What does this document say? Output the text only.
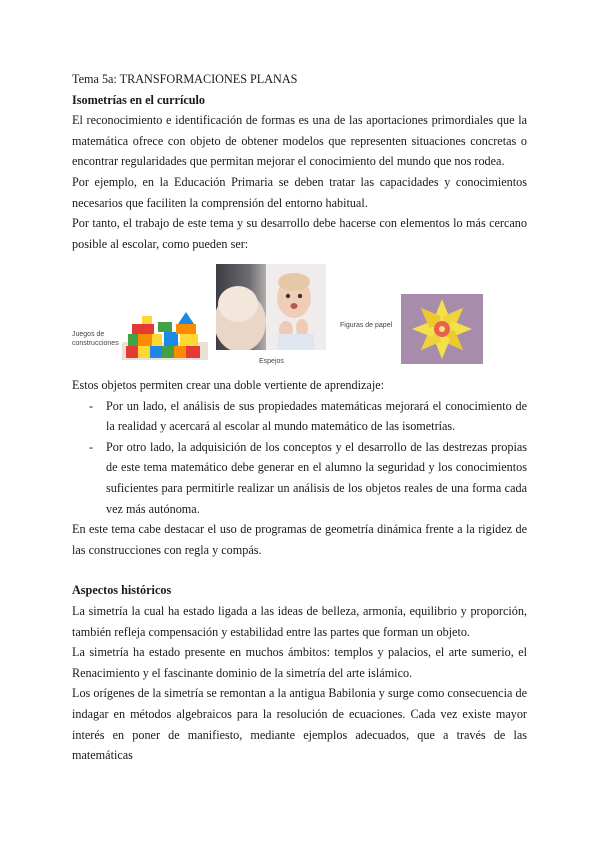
Tema 5a: TRANSFORMACIONES PLANAS

Isometrías en el currículo

El reconocimiento e identificación de formas es una de las aportaciones primordiales que la matemática ofrece con objeto de obtener modelos que representen situaciones concretas o encontrar regularidades que permitan mejorar el conocimiento del mundo que nos rodea.

Por ejemplo, en la Educación Primaria se deben tratar las capacidades y conocimientos necesarios que faciliten la comprensión del entorno habitual.

Por tanto, el trabajo de este tema y su desarrollo debe hacerse con elementos lo más cercano posible al escolar, como pueden ser:

Juegos de construcciones
Espejos
Figuras de papel

Estos objetos permiten crear una doble vertiente de aprendizaje:

- Por un lado, el análisis de sus propiedades matemáticas mejorará el conocimiento de la realidad y acercará al escolar al mundo matemático de las isometrías.
- Por otro lado, la adquisición de los conceptos y el desarrollo de las destrezas propias de este tema matemático debe generar en el alumno la seguridad y los conocimientos suficientes para permitirle realizar un análisis de los objetos reales de una forma cada vez más autónoma.

En este tema cabe destacar el uso de programas de geometría dinámica frente a la rigidez de las construcciones con regla y compás.

Aspectos históricos

La simetría la cual ha estado ligada a las ideas de belleza, armonía, equilibrio y proporción, también refleja compensación y estabilidad entre las partes que forman un objeto.

La simetría ha estado presente en muchos ámbitos: templos y palacios, el arte sumerio, el Renacimiento y el fascinante dominio de la simetría del arte islámico.

Los orígenes de la simetría se remontan a la antigua Babilonia y surge como consecuencia de indagar en métodos algebraicos para la resolución de ecuaciones. Cada vez existe mayor interés en poner de manifiesto, mediante ejemplos adecuados, que a través de las matemáticas
